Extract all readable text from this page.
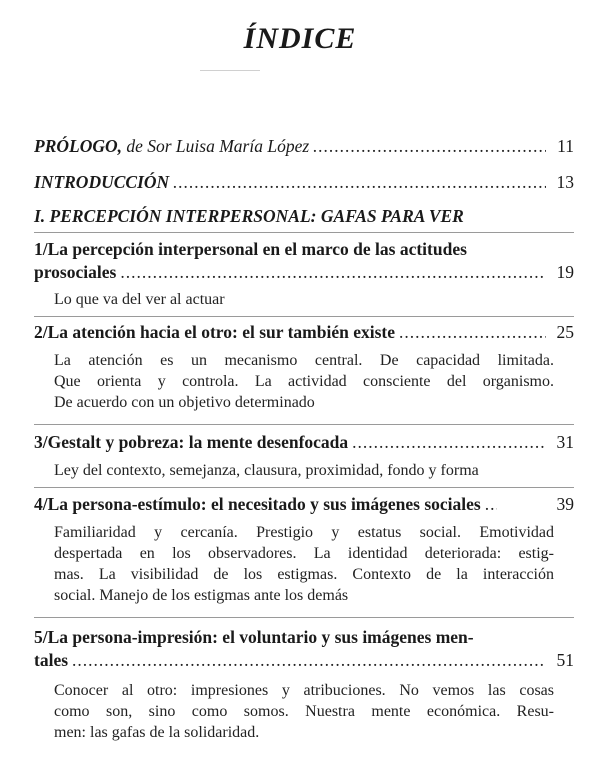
ÍNDICE
PRÓLOGO, de Sor Luisa María López .....	11
INTRODUCCIÓN .....	13
I. PERCEPCIÓN INTERPERSONAL: GAFAS PARA VER
1/La percepción interpersonal en el marco de las actitudes
prosociales .....	19
Lo que va del ver al actuar
2/La atención hacia el otro: el sur también existe .....	25
La atención es un mecanismo central. De capacidad limitada.
Que orienta y controla. La actividad consciente del organismo.
De acuerdo con un objetivo determinado
3/Gestalt y pobreza: la mente desenfocada .....	31
Ley del contexto, semejanza, clausura, proximidad, fondo y forma
4/La persona-estímulo: el necesitado y sus imágenes sociales .....	39
Familiaridad y cercanía. Prestigio y estatus social. Emotividad
despertada en los observadores. La identidad deteriorada: estig-
mas. La visibilidad de los estigmas. Contexto de la interacción
social. Manejo de los estigmas ante los demás
5/La persona-impresión: el voluntario y sus imágenes men-
tales .....	51
Conocer al otro: impresiones y atribuciones. No vemos las cosas
como son, sino como somos. Nuestra mente económica. Resu-
men: las gafas de la solidaridad.
